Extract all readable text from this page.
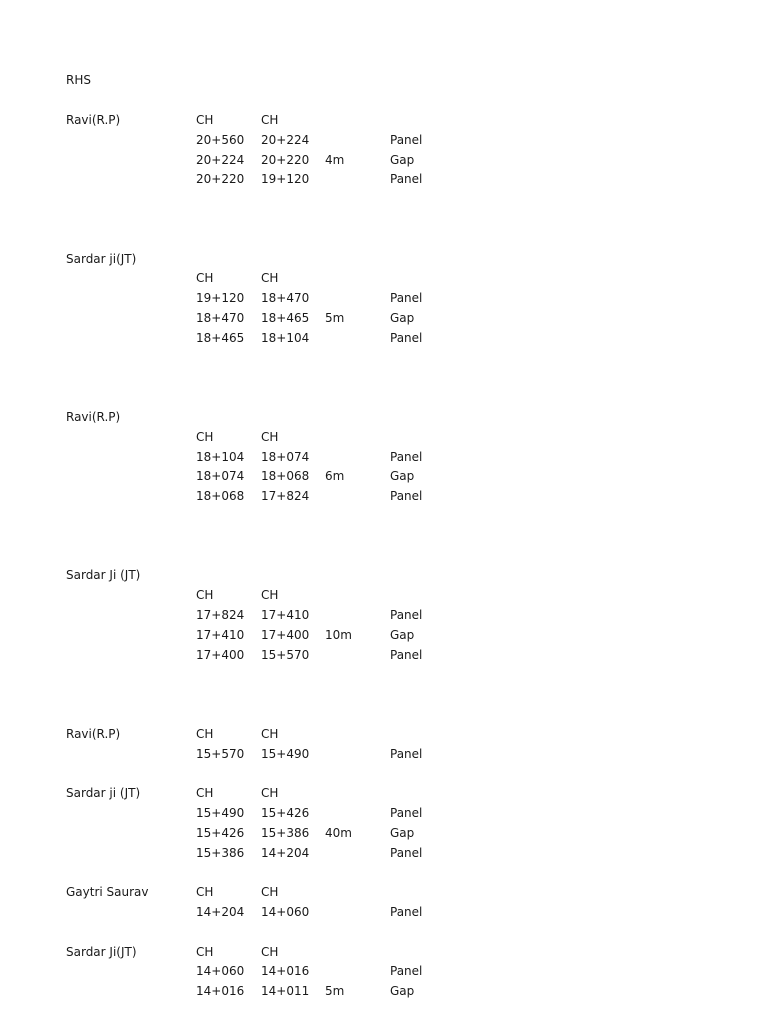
RHS
Ravi(R.P)	CH	CH
20+560 20+224	Panel
20+224 20+220 4m	Gap
20+220 19+120	Panel
Sardar ji(JT)
CH	CH
19+120 18+470	Panel
18+470 18+465 5m	Gap
18+465 18+104	Panel
Ravi(R.P)
CH	CH
18+104 18+074	Panel
18+074 18+068 6m	Gap
18+068 17+824	Panel
Sardar Ji (JT)
CH	CH
17+824 17+410	Panel
17+410 17+400 10m	Gap
17+400 15+570	Panel
Ravi(R.P)	CH	CH
15+570 15+490	Panel
Sardar ji (JT)	CH	CH
15+490 15+426	Panel
15+426 15+386 40m	Gap
15+386 14+204	Panel
Gaytri Saurav	CH	CH
14+204 14+060	Panel
Sardar Ji(JT)	CH	CH
14+060 14+016	Panel
14+016 14+011 5m	Gap
